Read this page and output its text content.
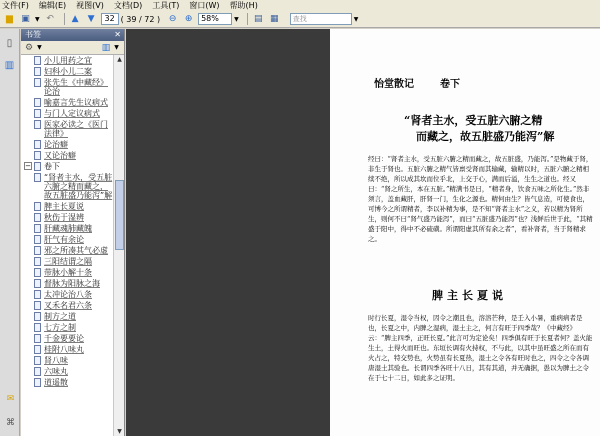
文件(F) 编辑(E) 视图(V) 文档(D) 工具(T) 窗口(W) 帮助(H)
▆ ▣ ▼ ↶	▲	▼	32 ( 39 / 72 ) ⊖ ⊕	58%	▼ ▤ ▦	查找	▼
▯
▥
✉
⌘
书签	✕
⚙ ▼	▥ ▼
小儿用药之宜
妇科小儿二案
张先生《中藏经》论治
喻嘉言先生议病式
与门人定议病式
医家必读之《医门法律》
论治癖
又论治癖
− 卷下
“肾者主水，受五脏六腑之精而藏之，故五脏盛乃能泻”解
脾主长夏说
秋伤于湿辨
肝藏魂肺藏魄
肝气有余论
邪之所凑其气必虚
三阳结谓之隔
带脉小解十条
督脉为阳脉之海
太冲论治八条
叉禾名君六条
制方之道
七方之制
千金要要论
桂附八味丸
肾八味
六味丸
道遥散
▲
▼
怡堂散记	卷下
“肾者主水，受五脏六腑之精
而藏之，故五脏盛乃能泻”解
经曰：“肾者主水，受五脏六腑之精而藏之，故五脏盛，乃能泻。”是物藏于肾，非生于肾也。五脏六腑之精气皆禀受肾而其输藏，输精以时，五脏六腑之精相续不绝，所以成其坎而位乎北，上交于心，满而后溢，生生之道也。经又曰：“肾之所生，本在五脏。”精满书是曰，“精者身，饮食五味之所化生。”然非须言，盖血藏肝，肝肾一门，生化之源也。精何由生？皆气息造，可使食也，可博今之所谓精者，李以补精为事，是不知“肾者主水”之义，若以精为肾所生，则何不曰“肾气盛乃能泻”，而曰“五脏盛乃能泻”也？浅鲜后世于此，“其精盛于阳中，得中不必硫磺。所谓阳虚其所有余之者”，看补肾者，当于肾精求之。
脾主长夏说
时行长夏，湿令当权，因令之潮且也，溶溶芒种，是壬入小暑，重病病者是也，长夏之中，内脾之湿病，湿土主之，何言有旺于四季哉？《中藏经》云：“脾主四季，正旺长夏。”此言可为定论矣！四季俱有旺于长夏者何？盖火能生土，土得火而旺也。东垣长调有火持权，不与此，以其中虽旺盛之所在而有火占之，特交势也，火势虽有长夏热，湿土之令各有旺时也之，四令之令各调唐湿土其验也。长谓四季各旺十八日，其有其道，并无确据，愚以为脾土之令在于七十二日，如此多之证明。
